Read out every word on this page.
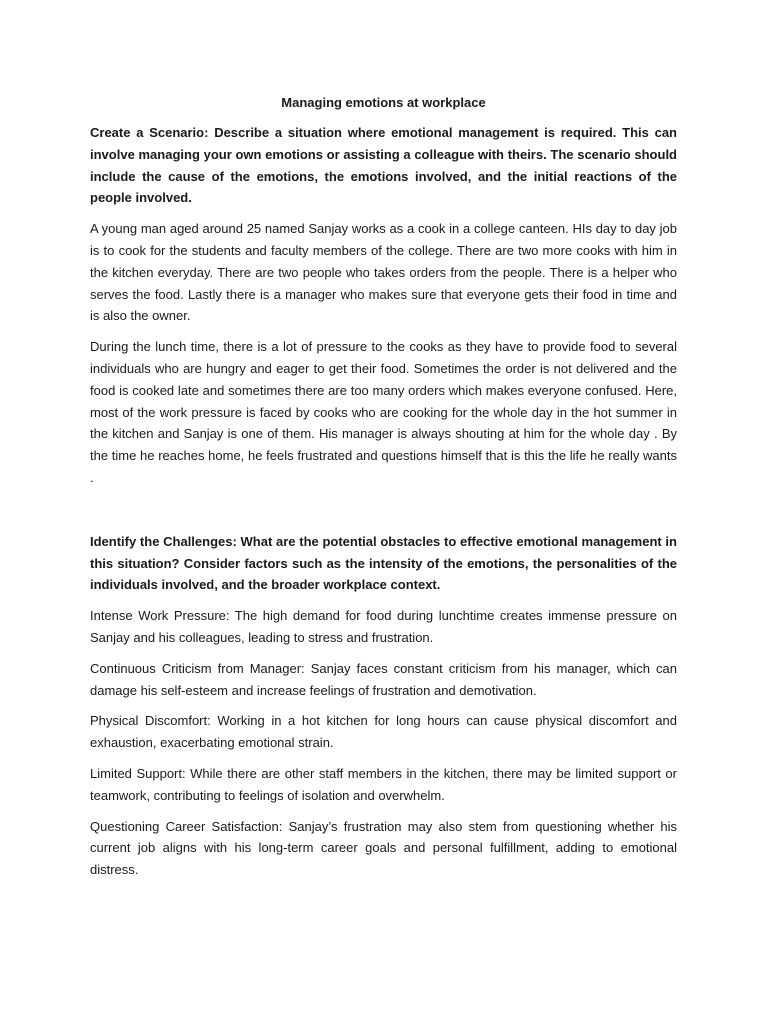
Managing emotions at workplace

Create a Scenario: Describe a situation where emotional management is required. This can involve managing your own emotions or assisting a colleague with theirs. The scenario should include the cause of the emotions, the emotions involved, and the initial reactions of the people involved.

A young man aged around 25 named Sanjay works as a cook in a college canteen. HIs day to day job is to cook for the students and faculty members of the college. There are two more cooks with him in the kitchen everyday. There are two people who takes orders from the people. There is a helper who serves the food. Lastly there is a manager who makes sure that everyone gets their food in time and is also the owner.

During the lunch time, there is a lot of pressure to the cooks as they have to provide food to several individuals who are hungry and eager to get their food. Sometimes the order is not delivered and the food is cooked late and sometimes there are too many orders which makes everyone confused. Here, most of the work pressure is faced by cooks who are cooking for the whole day in the hot summer in the kitchen and Sanjay is one of them. His manager is always shouting at him for the whole day . By the time he reaches home, he feels frustrated and questions himself that is this the life he really wants .

Identify the Challenges: What are the potential obstacles to effective emotional management in this situation? Consider factors such as the intensity of the emotions, the personalities of the individuals involved, and the broader workplace context.

Intense Work Pressure: The high demand for food during lunchtime creates immense pressure on Sanjay and his colleagues, leading to stress and frustration.

Continuous Criticism from Manager: Sanjay faces constant criticism from his manager, which can damage his self-esteem and increase feelings of frustration and demotivation.

Physical Discomfort: Working in a hot kitchen for long hours can cause physical discomfort and exhaustion, exacerbating emotional strain.

Limited Support: While there are other staff members in the kitchen, there may be limited support or teamwork, contributing to feelings of isolation and overwhelm.

Questioning Career Satisfaction: Sanjay’s frustration may also stem from questioning whether his current job aligns with his long-term career goals and personal fulfillment, adding to emotional distress.
